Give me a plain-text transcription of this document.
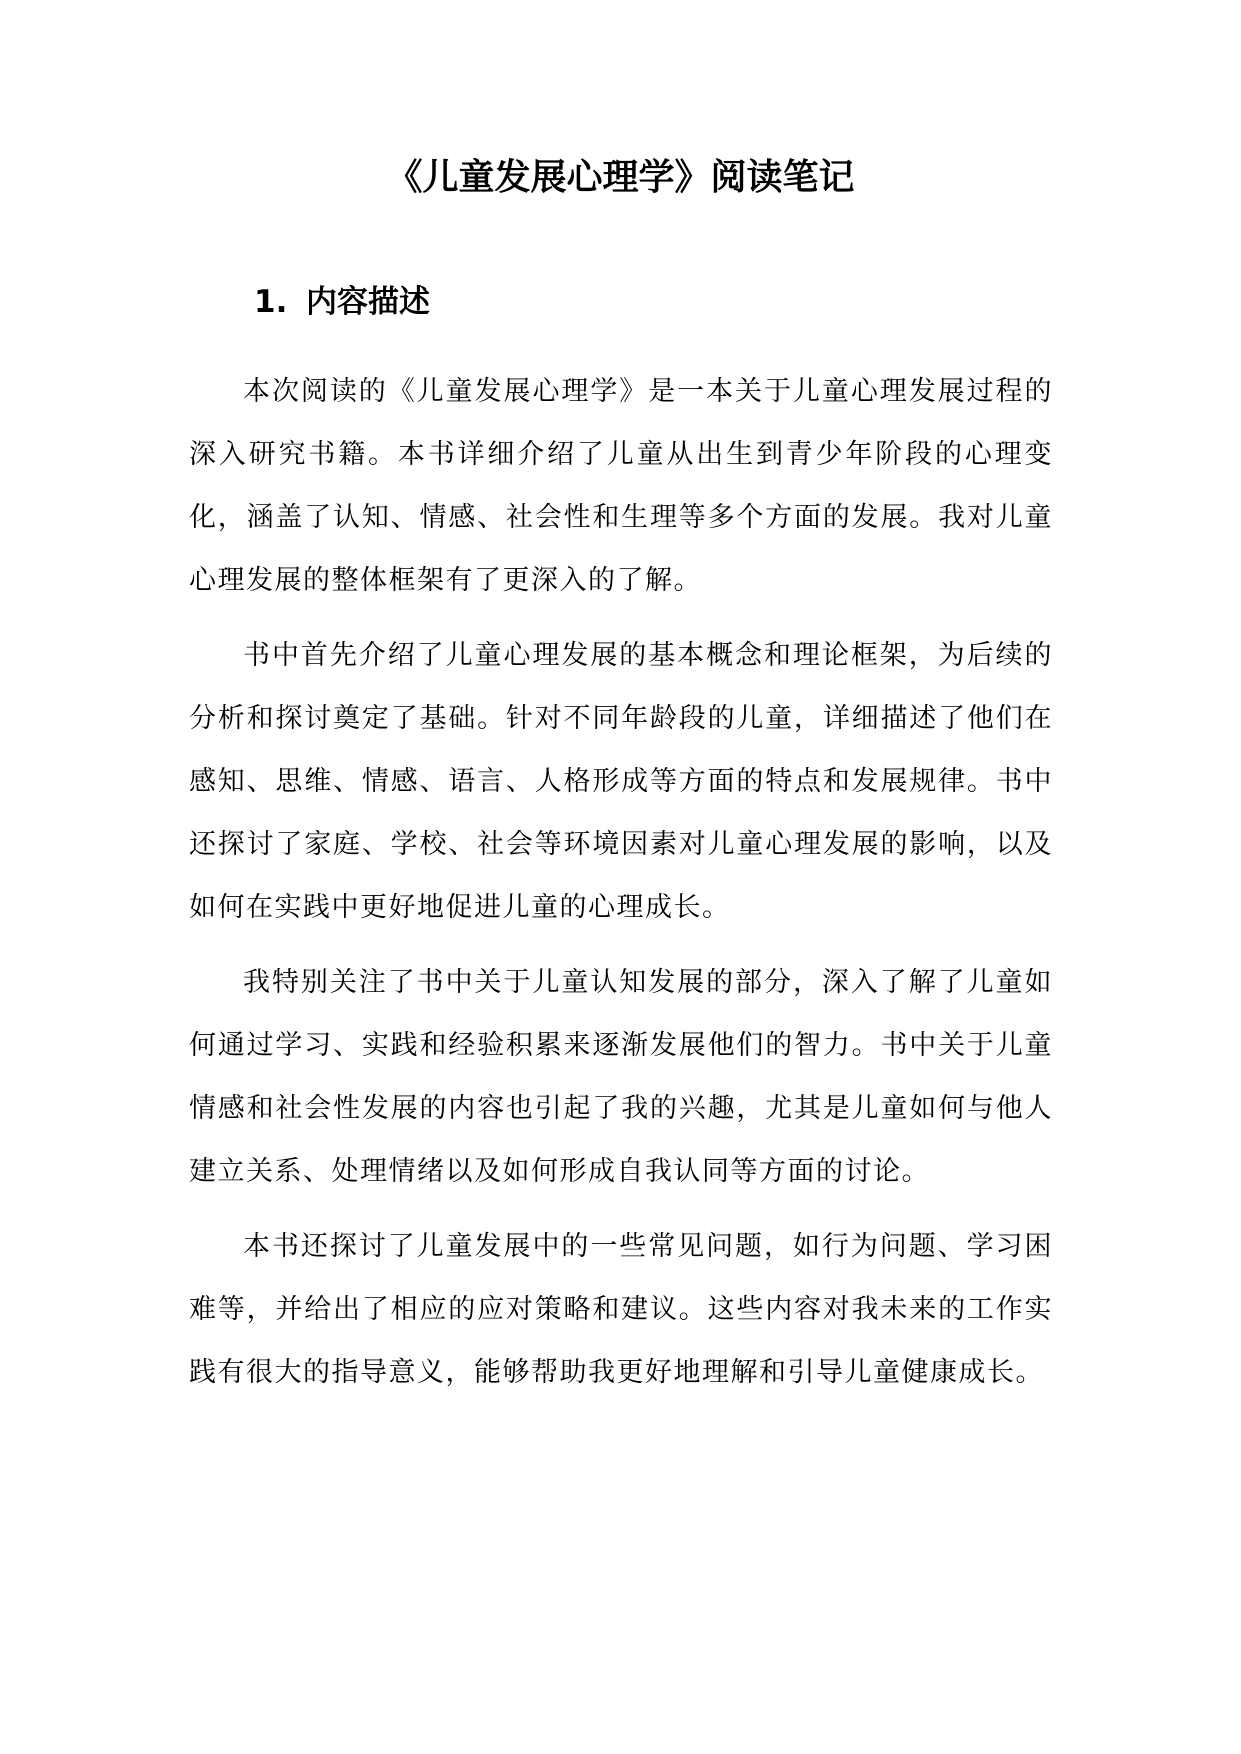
《儿童发展心理学》阅读笔记
1. 内容描述

本次阅读的《儿童发展心理学》是一本关于儿童心理发展过程的深入研究书籍。本书详细介绍了儿童从出生到青少年阶段的心理变化，涵盖了认知、情感、社会性和生理等多个方面的发展。我对儿童心理发展的整体框架有了更深入的了解。

书中首先介绍了儿童心理发展的基本概念和理论框架，为后续的分析和探讨奠定了基础。针对不同年龄段的儿童，详细描述了他们在感知、思维、情感、语言、人格形成等方面的特点和发展规律。书中还探讨了家庭、学校、社会等环境因素对儿童心理发展的影响，以及如何在实践中更好地促进儿童的心理成长。

我特别关注了书中关于儿童认知发展的部分，深入了解了儿童如何通过学习、实践和经验积累来逐渐发展他们的智力。书中关于儿童情感和社会性发展的内容也引起了我的兴趣，尤其是儿童如何与他人建立关系、处理情绪以及如何形成自我认同等方面的讨论。

本书还探讨了儿童发展中的一些常见问题，如行为问题、学习困难等，并给出了相应的应对策略和建议。这些内容对我未来的工作实践有很大的指导意义，能够帮助我更好地理解和引导儿童健康成长。
